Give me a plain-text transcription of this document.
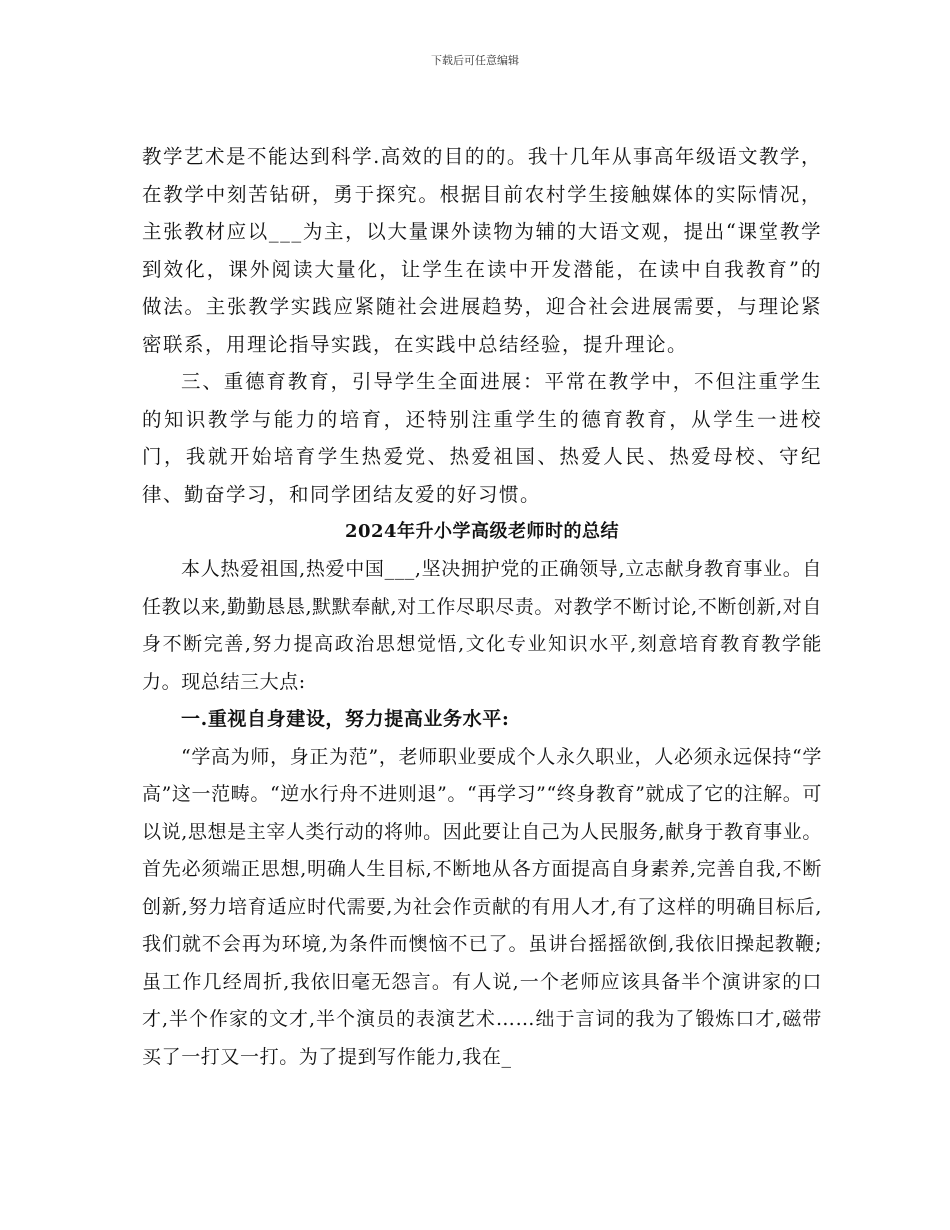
下载后可任意编辑

教学艺术是不能达到科学.高效的目的的。我十几年从事高年级语文教学，在教学中刻苦钻研，勇于探究。根据目前农村学生接触媒体的实际情况，主张教材应以___为主，以大量课外读物为辅的大语文观，提出“课堂教学到效化，课外阅读大量化，让学生在读中开发潜能，在读中自我教育”的做法。主张教学实践应紧随社会进展趋势，迎合社会进展需要，与理论紧密联系，用理论指导实践，在实践中总结经验，提升理论。

三、重德育教育，引导学生全面进展：平常在教学中，不但注重学生的知识教学与能力的培育，还特别注重学生的德育教育，从学生一进校门，我就开始培育学生热爱党、热爱祖国、热爱人民、热爱母校、守纪律、勤奋学习，和同学团结友爱的好习惯。

2024年升小学高级老师时的总结

本人热爱祖国,热爱中国___,坚决拥护党的正确领导,立志献身教育事业。自任教以来,勤勤恳恳,默默奉献,对工作尽职尽责。对教学不断讨论,不断创新,对自身不断完善,努力提高政治思想觉悟,文化专业知识水平,刻意培育教育教学能力。现总结三大点:

一.重视自身建设，努力提高业务水平:

“学高为师，身正为范”，老师职业要成个人永久职业，人必须永远保持“学高”这一范畴。“逆水行舟不进则退”。“再学习”“终身教育”就成了它的注解。可以说,思想是主宰人类行动的将帅。因此要让自己为人民服务,献身于教育事业。首先必须端正思想,明确人生目标,不断地从各方面提高自身素养,完善自我,不断创新,努力培育适应时代需要,为社会作贡献的有用人才,有了这样的明确目标后,我们就不会再为环境,为条件而懊恼不已了。虽讲台摇摇欲倒,我依旧操起教鞭;虽工作几经周折,我依旧毫无怨言。有人说,一个老师应该具备半个演讲家的口才,半个作家的文才,半个演员的表演艺术……绌于言词的我为了锻炼口才,磁带买了一打又一打。为了提到写作能力,我在_
